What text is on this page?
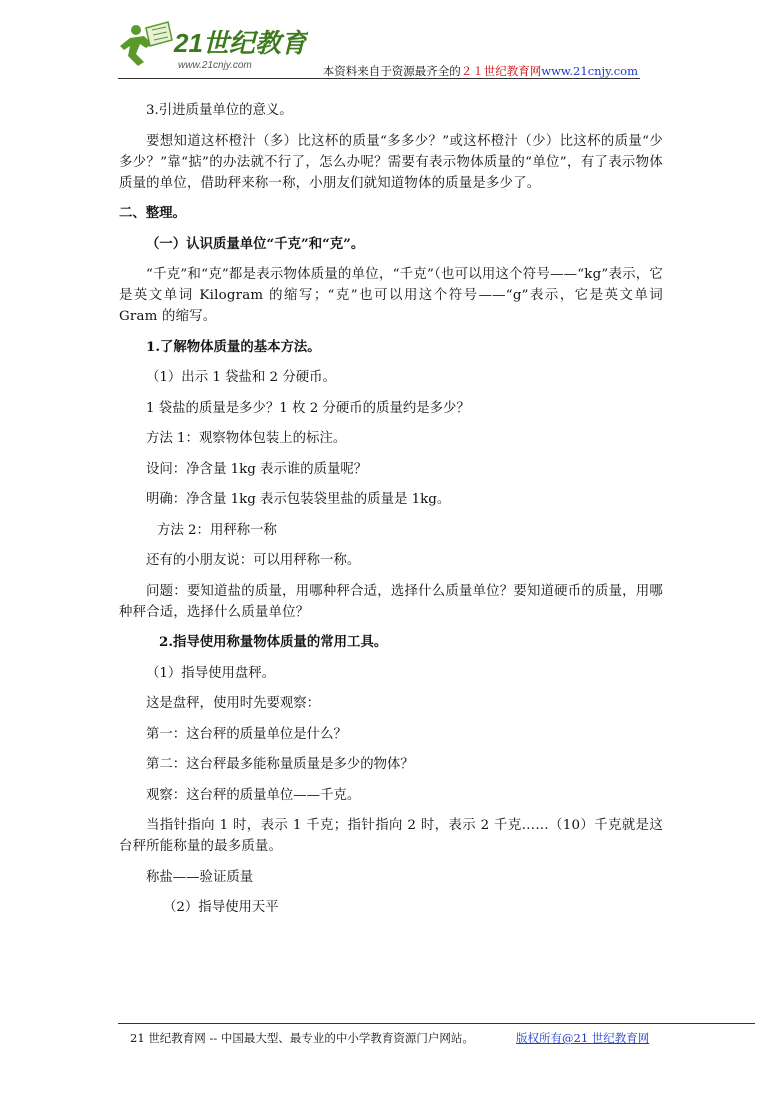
21世纪教育
www.21cnjy.com	本资料来自于资源最齐全的２１世纪教育网www.21cnjy.com

3.引进质量单位的意义。

要想知道这杯橙汁（多）比这杯的质量“多多少？”或这杯橙汁（少）比这杯的质量“少多少？”靠“掂”的办法就不行了，怎么办呢？需要有表示物体质量的“单位”，有了表示物体质量的单位，借助秤来称一称，小朋友们就知道物体的质量是多少了。

二、整理。

（一）认识质量单位“千克”和“克”。

“千克”和“克”都是表示物体质量的单位，“千克”（也可以用这个符号——“kg”表示，它是英文单词 Kilogram 的缩写；“克”也可以用这个符号——“g”表示，它是英文单词 Gram 的缩写。

1.了解物体质量的基本方法。

（1）出示 1 袋盐和 2 分硬币。

1 袋盐的质量是多少？1 枚 2 分硬币的质量约是多少？

方法 1：观察物体包装上的标注。

设问：净含量 1kg 表示谁的质量呢？

明确：净含量 1kg 表示包装袋里盐的质量是 1kg。

方法 2：用秤称一称

还有的小朋友说：可以用秤称一称。

问题：要知道盐的质量，用哪种秤合适，选择什么质量单位？要知道硬币的质量，用哪种秤合适，选择什么质量单位？

2.指导使用称量物体质量的常用工具。

（1）指导使用盘秤。

这是盘秤，使用时先要观察：

第一：这台秤的质量单位是什么？

第二：这台秤最多能称量质量是多少的物体？

观察：这台秤的质量单位——千克。

当指针指向 1 时，表示 1 千克；指针指向 2 时，表示 2 千克……（10）千克就是这台秤所能称量的最多质量。

称盐——验证质量

（2）指导使用天平

21 世纪教育网 -- 中国最大型、最专业的中小学教育资源门户网站。	版权所有@21 世纪教育网
